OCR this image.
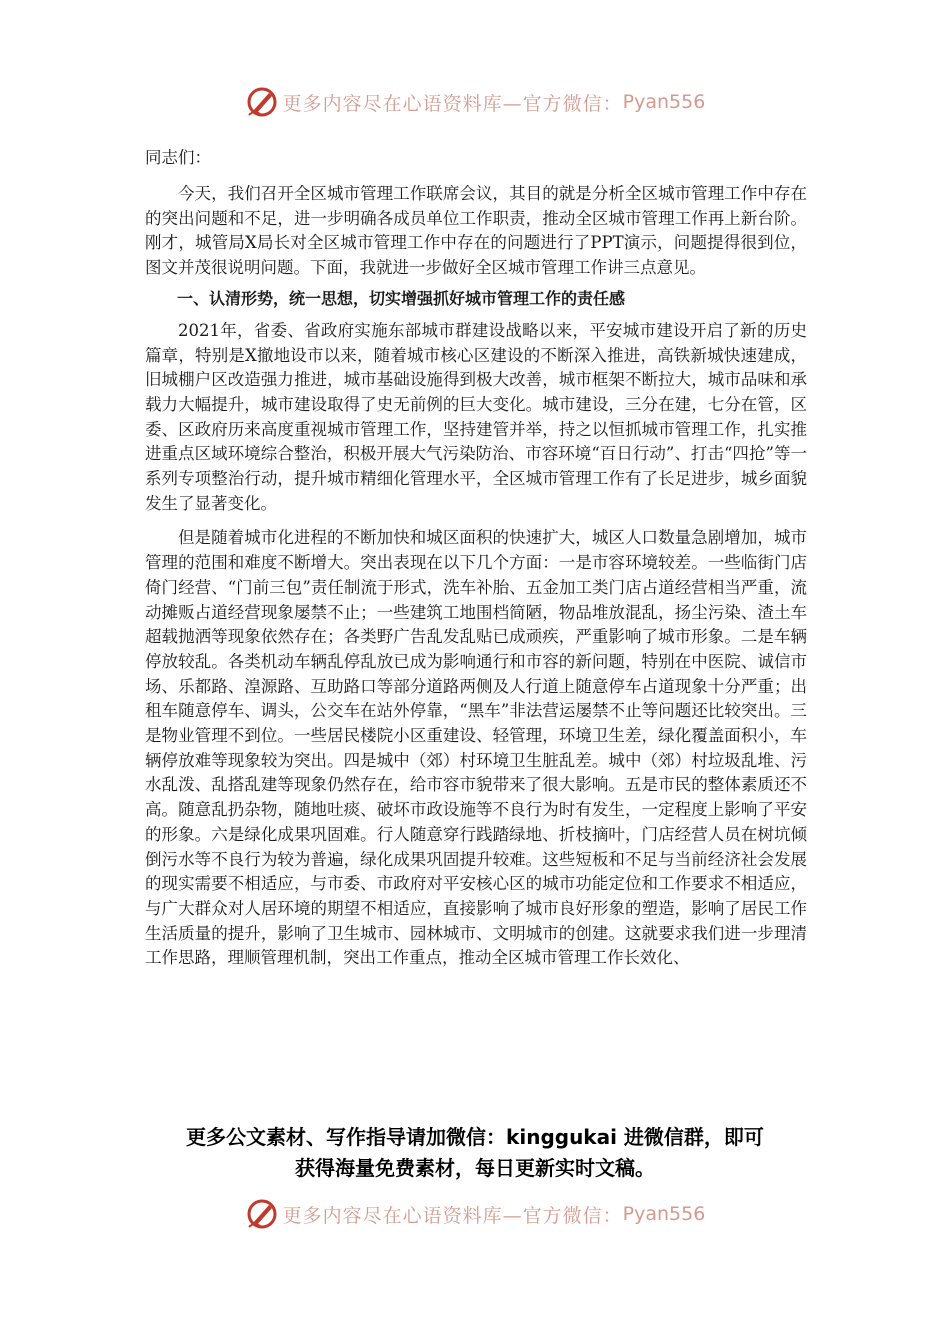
更多内容尽在心语资料库—官方微信： Pyan556

同志们：

今天，我们召开全区城市管理工作联席会议，其目的就是分析全区城市管理工作中存在的突出问题和不足，进一步明确各成员单位工作职责，推动全区城市管理工作再上新台阶。刚才，城管局X局长对全区城市管理工作中存在的问题进行了PPT演示，问题提得很到位，图文并茂很说明问题。下面，我就进一步做好全区城市管理工作讲三点意见。

一、认清形势，统一思想，切实增强抓好城市管理工作的责任感

2021年，省委、省政府实施东部城市群建设战略以来，平安城市建设开启了新的历史篇章，特别是X撤地设市以来，随着城市核心区建设的不断深入推进，高铁新城快速建成，旧城棚户区改造强力推进，城市基础设施得到极大改善，城市框架不断拉大，城市品味和承载力大幅提升，城市建设取得了史无前例的巨大变化。城市建设，三分在建，七分在管，区委、区政府历来高度重视城市管理工作，坚持建管并举，持之以恒抓城市管理工作，扎实推进重点区域环境综合整治，积极开展大气污染防治、市容环境“百日行动”、打击“四抢”等一系列专项整治行动，提升城市精细化管理水平，全区城市管理工作有了长足进步，城乡面貌发生了显著变化。

但是随着城市化进程的不断加快和城区面积的快速扩大，城区人口数量急剧增加，城市管理的范围和难度不断增大。突出表现在以下几个方面：一是市容环境较差。一些临街门店倚门经营、“门前三包”责任制流于形式，洗车补胎、五金加工类门店占道经营相当严重，流动摊贩占道经营现象屡禁不止；一些建筑工地围档简陋，物品堆放混乱，扬尘污染、渣土车超载抛洒等现象依然存在；各类野广告乱发乱贴已成顽疾，严重影响了城市形象。二是车辆停放较乱。各类机动车辆乱停乱放已成为影响通行和市容的新问题，特别在中医院、诚信市场、乐都路、湟源路、互助路口等部分道路两侧及人行道上随意停车占道现象十分严重；出租车随意停车、调头，公交车在站外停靠，“黑车”非法营运屡禁不止等问题还比较突出。三是物业管理不到位。一些居民楼院小区重建设、轻管理，环境卫生差，绿化覆盖面积小，车辆停放难等现象较为突出。四是城中（郊）村环境卫生脏乱差。城中（郊）村垃圾乱堆、污水乱泼、乱搭乱建等现象仍然存在，给市容市貌带来了很大影响。五是市民的整体素质还不高。随意乱扔杂物，随地吐痰、破坏市政设施等不良行为时有发生，一定程度上影响了平安的形象。六是绿化成果巩固难。行人随意穿行践踏绿地、折枝摘叶，门店经营人员在树坑倾倒污水等不良行为较为普遍，绿化成果巩固提升较难。这些短板和不足与当前经济社会发展的现实需要不相适应，与市委、市政府对平安核心区的城市功能定位和工作要求不相适应，与广大群众对人居环境的期望不相适应，直接影响了城市良好形象的塑造，影响了居民工作生活质量的提升，影响了卫生城市、园林城市、文明城市的创建。这就要求我们进一步理清工作思路，理顺管理机制，突出工作重点，推动全区城市管理工作长效化、

更多公文素材、写作指导请加微信：kinggukai 进微信群，即可
获得海量免费素材，每日更新实时文稿。
更多内容尽在心语资料库—官方微信： Pyan556
